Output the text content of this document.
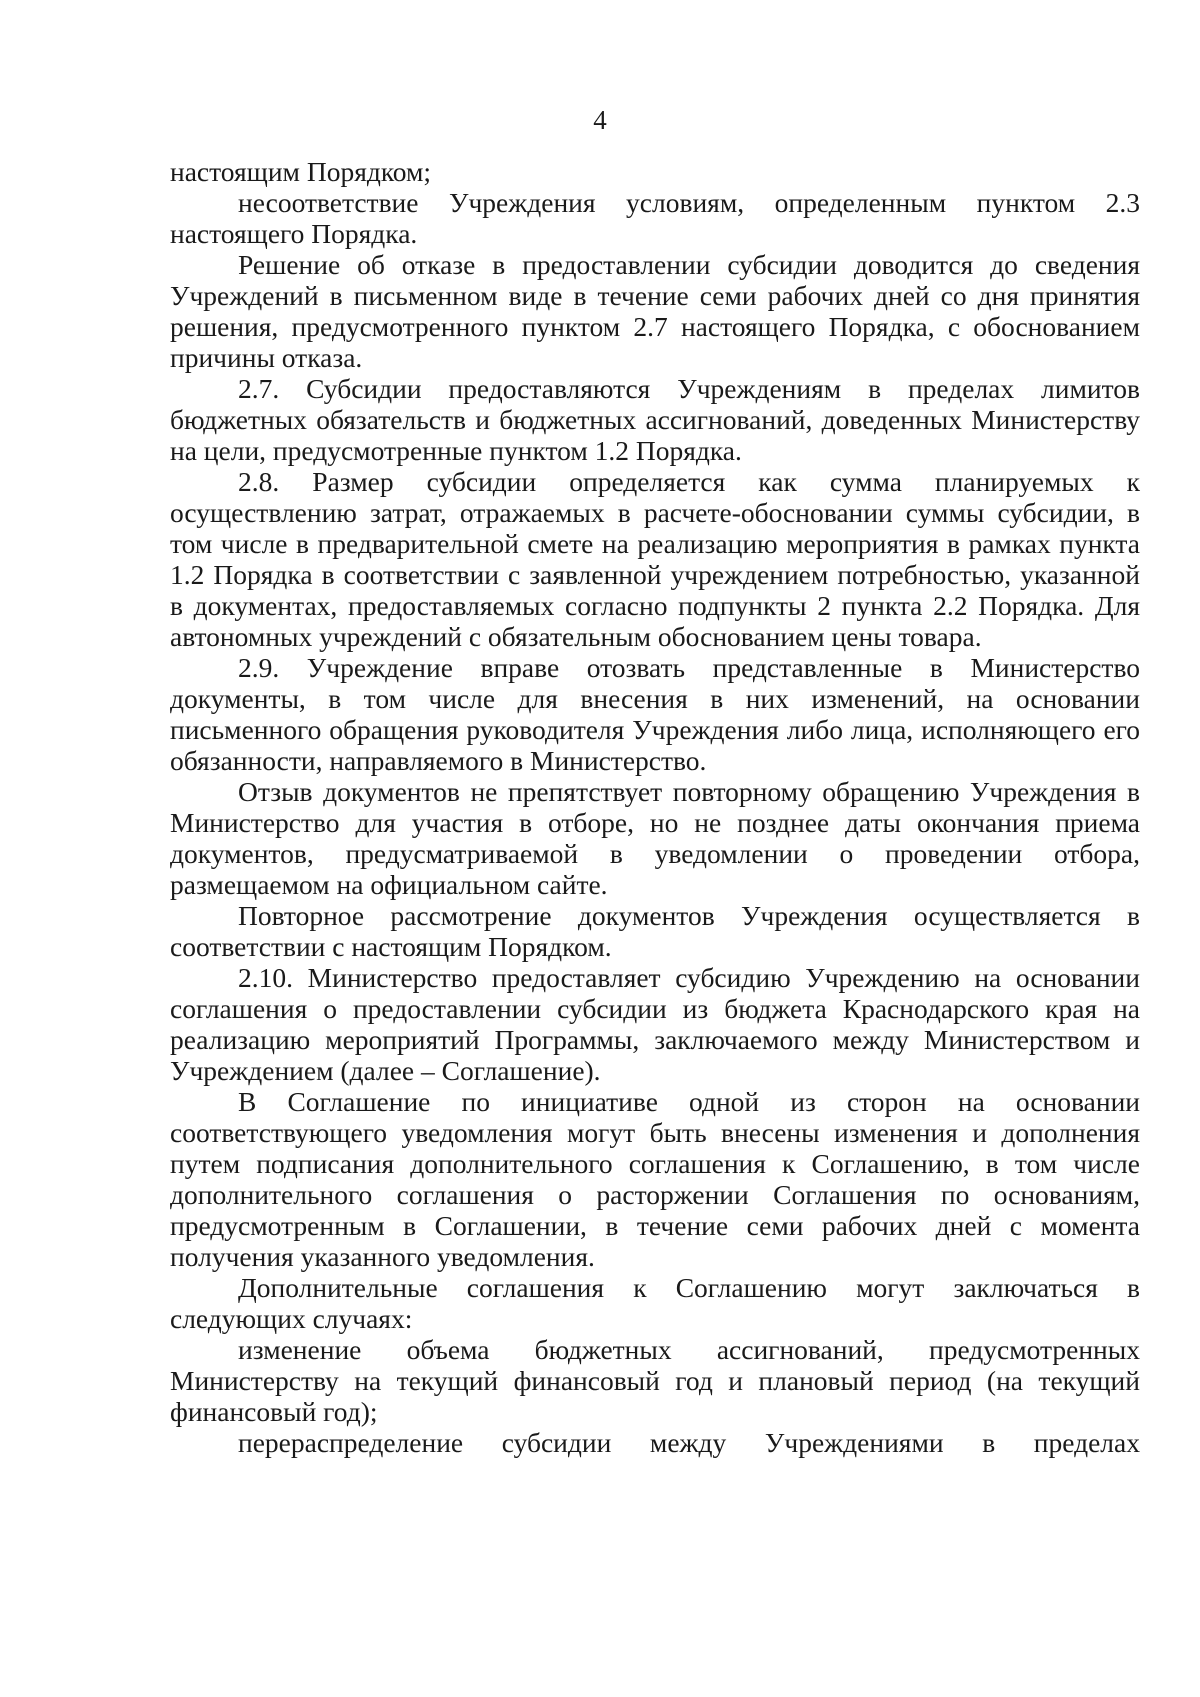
4

настоящим Порядком;

несоответствие Учреждения условиям, определенным пунктом 2.3 настоящего Порядка.

Решение об отказе в предоставлении субсидии доводится до сведения Учреждений в письменном виде в течение семи рабочих дней со дня принятия решения, предусмотренного пунктом 2.7 настоящего Порядка, с обоснованием причины отказа.

2.7. Субсидии предоставляются Учреждениям в пределах лимитов бюджетных обязательств и бюджетных ассигнований, доведенных Министерству на цели, предусмотренные пунктом 1.2 Порядка.

2.8. Размер субсидии определяется как сумма планируемых к осуществлению затрат, отражаемых в расчете-обосновании суммы субсидии, в том числе в предварительной смете на реализацию мероприятия в рамках пункта 1.2 Порядка в соответствии с заявленной учреждением потребностью, указанной в документах, предоставляемых согласно подпункты 2 пункта 2.2 Порядка. Для автономных учреждений с обязательным обоснованием цены товара.

2.9. Учреждение вправе отозвать представленные в Министерство документы, в том числе для внесения в них изменений, на основании письменного обращения руководителя Учреждения либо лица, исполняющего его обязанности, направляемого в Министерство.

Отзыв документов не препятствует повторному обращению Учреждения в Министерство для участия в отборе, но не позднее даты окончания приема документов, предусматриваемой в уведомлении о проведении отбора, размещаемом на официальном сайте.

Повторное рассмотрение документов Учреждения осуществляется в соответствии с настоящим Порядком.

2.10. Министерство предоставляет субсидию Учреждению на основании соглашения о предоставлении субсидии из бюджета Краснодарского края на реализацию мероприятий Программы, заключаемого между Министерством и Учреждением (далее – Соглашение).

В Соглашение по инициативе одной из сторон на основании соответствующего уведомления могут быть внесены изменения и дополнения путем подписания дополнительного соглашения к Соглашению, в том числе дополнительного соглашения о расторжении Соглашения по основаниям, предусмотренным в Соглашении, в течение семи рабочих дней с момента получения указанного уведомления.

Дополнительные соглашения к Соглашению могут заключаться в следующих случаях:

изменение объема бюджетных ассигнований, предусмотренных Министерству на текущий финансовый год и плановый период (на текущий финансовый год);

перераспределение субсидии между Учреждениями в пределах
